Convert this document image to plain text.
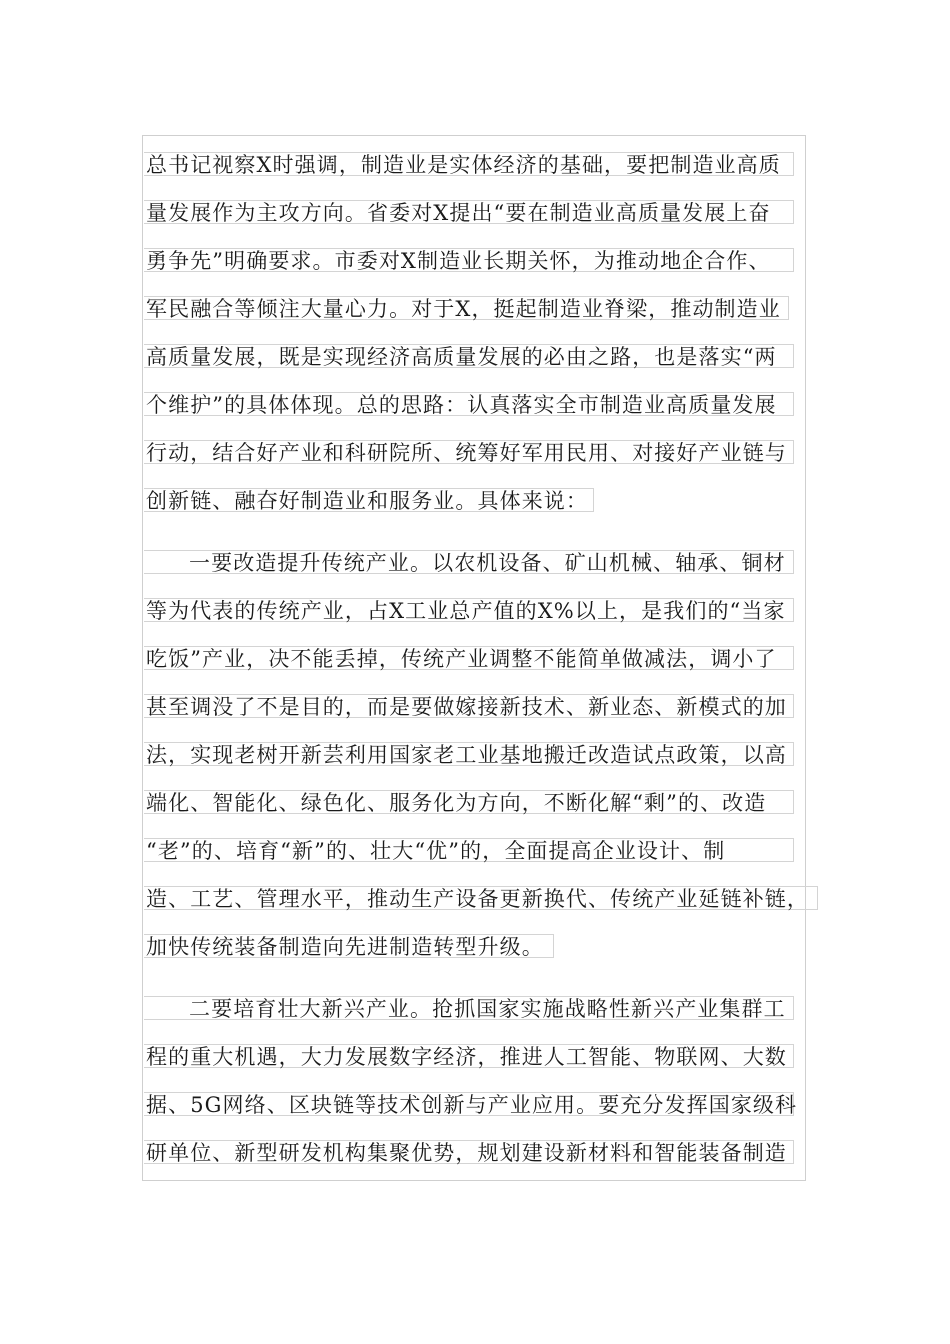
总书记视察X时强调，制造业是实体经济的基础，要把制造业高质
量发展作为主攻方向。省委对X提出“要在制造业高质量发展上奋
勇争先”明确要求。市委对X制造业长期关怀，为推动地企合作、
军民融合等倾注大量心力。对于X，挺起制造业脊梁，推动制造业
高质量发展，既是实现经济高质量发展的必由之路，也是落实“两
个维护”的具体体现。总的思路：认真落实全市制造业高质量发展
行动，结合好产业和科研院所、统筹好军用民用、对接好产业链与
创新链、融夻好制造业和服务业。具体来说：
一要改造提升传统产业。以农机设备、矿山机械、轴承、铜材
等为代表的传统产业，占X工业总产值的X%以上，是我们的“当家
吃饭”产业，决不能丢掉，传统产业调整不能简单做减法，调小了
甚至调没了不是目的，而是要做嫁接新技术、新业态、新模式的加
法，实现老树开新芸利用国家老工业基地搬迁改造试点政策，以高
端化、智能化、绿色化、服务化为方向，不断化解“剩”的、改造
“老”的、培育“新”的、壮大“优”的，全面提高企业设计、制
造、工艺、管理水平，推动生产设备更新换代、传统产业延链补链，
加快传统装备制造向先进制造转型升级。
二要培育壮大新兴产业。抢抓国家实施战略性新兴产业集群工
程的重大机遇，大力发展数字经济，推进人工智能、物联网、大数
据、5G网络、区块链等技术创新与产业应用。要充分发挥国家级科
研单位、新型研发机构集聚优势，规划建设新材料和智能装备制造
